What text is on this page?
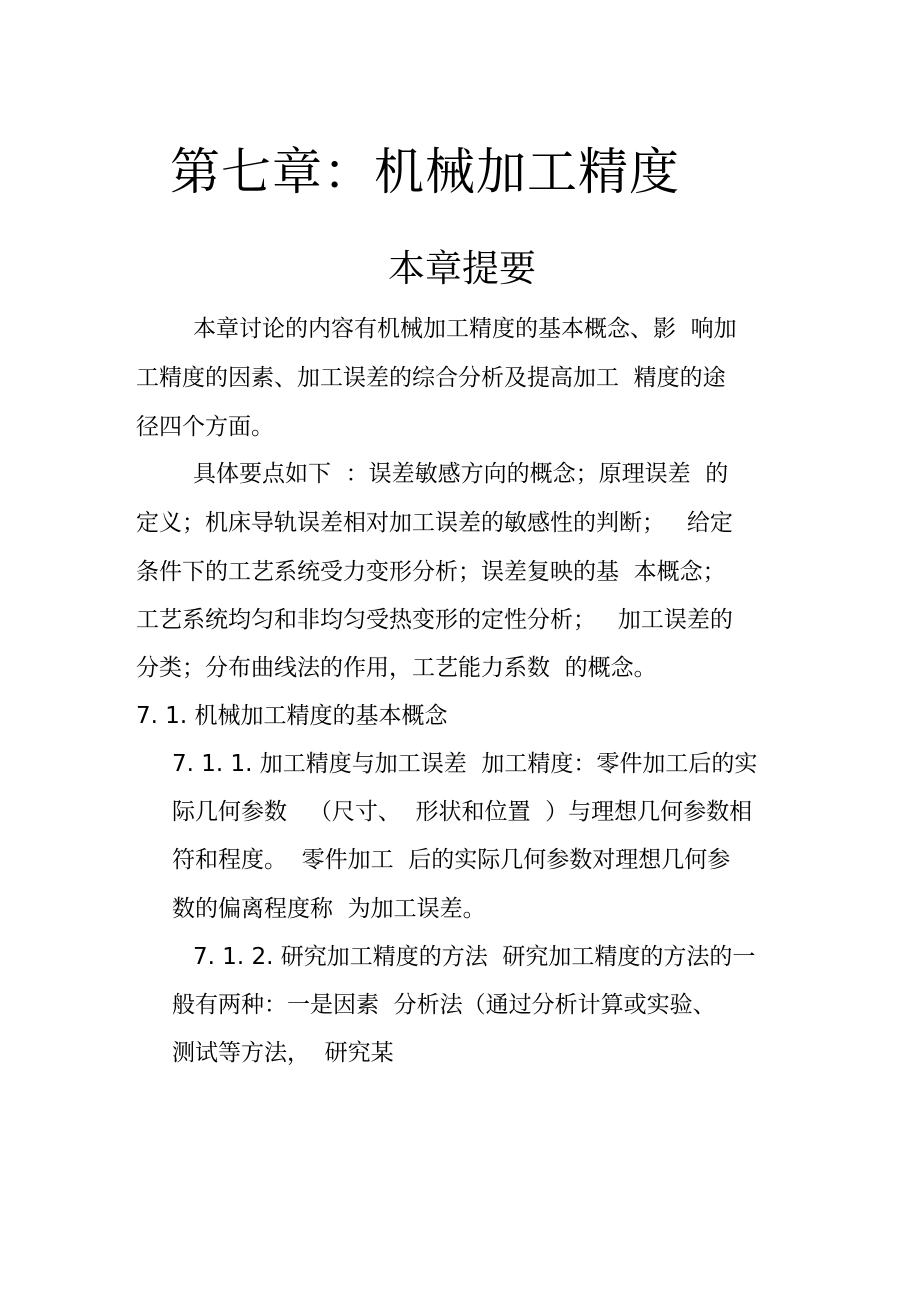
第七章：机械加工精度
本章提要
本章讨论的内容有机械加工精度的基本概念、影  响加
工精度的因素、加工误差的综合分析及提高加工  精度的途
径四个方面。
具体要点如下  ：误差敏感方向的概念；原理误差  的
定义；机床导轨误差相对加工误差的敏感性的判断；   给定
条件下的工艺系统受力变形分析；误差复映的基  本概念；
工艺系统均匀和非均匀受热变形的定性分析；   加工误差的
分类；分布曲线法的作用，工艺能力系数  的概念。
7. 1. 机械加工精度的基本概念
7. 1. 1. 加工精度与加工误差  加工精度：零件加工后的实
际几何参数   （尺寸、  形状和位置  ）与理想几何参数相
符和程度。  零件加工  后的实际几何参数对理想几何参
数的偏离程度称  为加工误差。
7. 1. 2. 研究加工精度的方法  研究加工精度的方法的一
般有两种：一是因素  分析法（通过分析计算或实验、
测试等方法，  研究某
